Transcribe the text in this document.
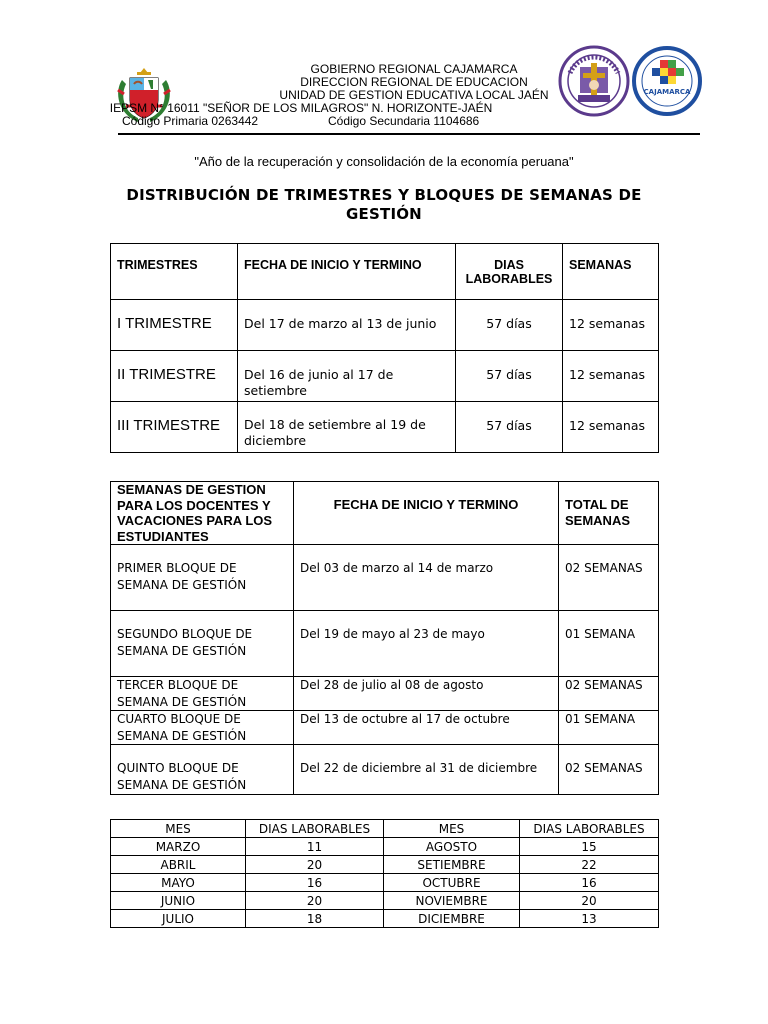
GOBIERNO REGIONAL CAJAMARCA
DIRECCION REGIONAL DE EDUCACION
UNIDAD DE GESTION EDUCATIVA LOCAL JAÉN
IEPSM N° 16011 "SEÑOR DE LOS MILAGROS" N. HORIZONTE-JAÉN
Código Primaria 0263442	Código Secundaria 1104686
CAJAMARCA
"Año de la recuperación y consolidación de la economía peruana"
DISTRIBUCIÓN DE TRIMESTRES Y BLOQUES DE SEMANAS DE GESTIÓN
TRIMESTRES	FECHA DE INICIO Y TERMINO	DIAS LABORABLES	SEMANAS
I TRIMESTRE	Del 17 de marzo al 13 de junio	57 días	12 semanas
II TRIMESTRE	Del 16 de junio al 17 de setiembre	57 días	12 semanas
III TRIMESTRE	Del 18 de setiembre al 19 de diciembre	57 días	12 semanas
SEMANAS DE GESTION PARA LOS DOCENTES Y VACACIONES PARA LOS ESTUDIANTES	FECHA DE INICIO Y TERMINO	TOTAL DE SEMANAS
PRIMER BLOQUE DE SEMANA DE GESTIÓN	Del 03 de marzo al 14 de marzo	02 SEMANAS
SEGUNDO BLOQUE DE SEMANA DE GESTIÓN	Del 19 de mayo al 23 de mayo	01 SEMANA
TERCER BLOQUE DE SEMANA DE GESTIÓN	Del 28 de julio al 08 de agosto	02 SEMANAS
CUARTO BLOQUE DE SEMANA DE GESTIÓN	Del 13 de octubre al 17 de octubre	01 SEMANA
QUINTO BLOQUE DE SEMANA DE GESTIÓN	Del 22 de diciembre al 31 de diciembre	02 SEMANAS
MES	DIAS LABORABLES	MES	DIAS LABORABLES
MARZO	11	AGOSTO	15
ABRIL	20	SETIEMBRE	22
MAYO	16	OCTUBRE	16
JUNIO	20	NOVIEMBRE	20
JULIO	18	DICIEMBRE	13
